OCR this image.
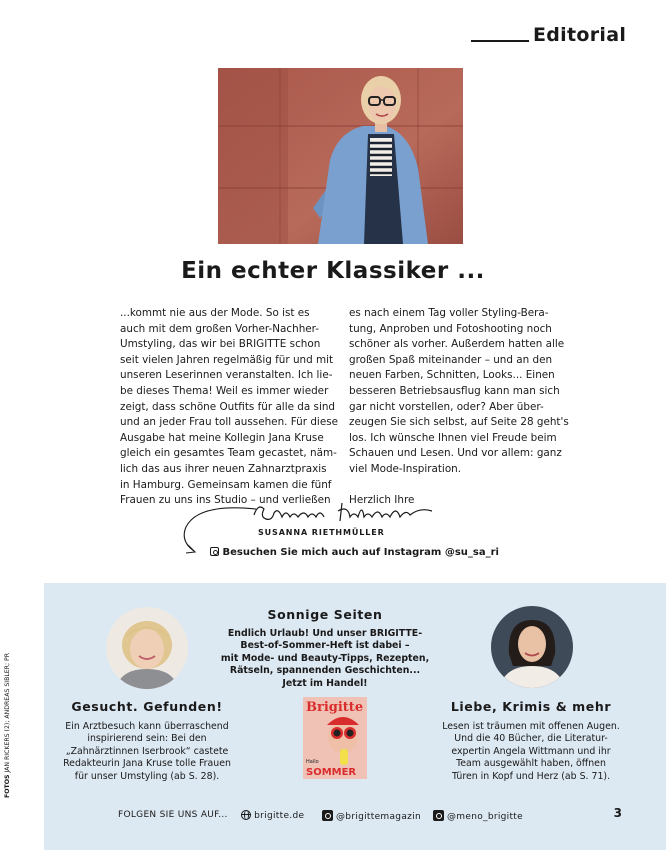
Editorial
Ein echter Klassiker ...
...kommt nie aus der Mode. So ist es
auch mit dem großen Vorher-Nachher-
Umstyling, das wir bei BRIGITTE schon
seit vielen Jahren regelmäßig für und mit
unseren Leserinnen veranstalten. Ich lie-
be dieses Thema! Weil es immer wieder
zeigt, dass schöne Outfits für alle da sind
und an jeder Frau toll aussehen. Für diese
Ausgabe hat meine Kollegin Jana Kruse
gleich ein gesamtes Team gecastet, näm-
lich das aus ihrer neuen Zahnarztpraxis
in Hamburg. Gemeinsam kamen die fünf
Frauen zu uns ins Studio – und verließen
es nach einem Tag voller Styling-Bera-
tung, Anproben und Fotoshooting noch
schöner als vorher. Außerdem hatten alle
großen Spaß miteinander – und an den
neuen Farben, Schnitten, Looks... Einen
besseren Betriebsausflug kann man sich
gar nicht vorstellen, oder? Aber über-
zeugen Sie sich selbst, auf Seite 28 geht's
los. Ich wünsche Ihnen viel Freude beim
Schauen und Lesen. Und vor allem: ganz
viel Mode-Inspiration.

Herzlich Ihre
SUSANNA RIETHMÜLLER
Besuchen Sie mich auch auf Instagram @su_sa_ri
FOTOS JAN RICKERS (2); ANDREAS SIBLER; PR
Sonnige Seiten
Endlich Urlaub! Und unser BRIGITTE-
Best-of-Sommer-Heft ist dabei –
mit Mode- und Beauty-Tipps, Rezepten,
Rätseln, spannenden Geschichten...
Jetzt im Handel!
Brigitte
Hallo
SOMMER
Gesucht. Gefunden!
Ein Arztbesuch kann überraschend
inspirierend sein: Bei den
„Zahnärztinnen Iserbrook“ castete
Redakteurin Jana Kruse tolle Frauen
für unser Umstyling (ab S. 28).
Liebe, Krimis & mehr
Lesen ist träumen mit offenen Augen.
Und die 40 Bücher, die Literatur-
expertin Angela Wittmann und ihr
Team ausgewählt haben, öffnen
Türen in Kopf und Herz (ab S. 71).
FOLGEN SIE UNS AUF...	brigitte.de	@brigittemagazin	@meno_brigitte	3
